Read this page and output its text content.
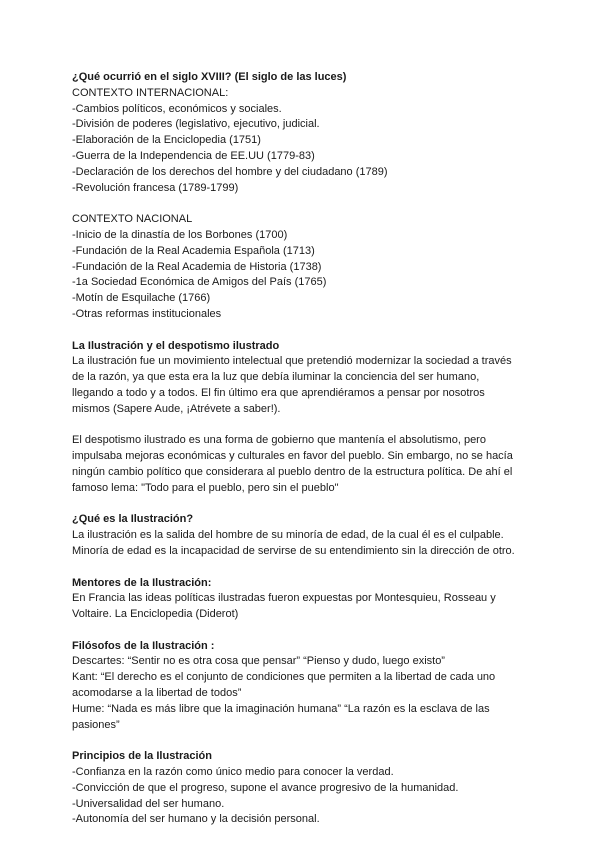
¿Qué ocurrió en el siglo XVIII? (El siglo de las luces)

CONTEXTO INTERNACIONAL:

-Cambios políticos, económicos y sociales.

-División de poderes (legislativo, ejecutivo, judicial.

-Elaboración de la Enciclopedia (1751)

-Guerra de la Independencia de EE.UU (1779-83)

-Declaración de los derechos del hombre y del ciudadano (1789)

-Revolución francesa (1789-1799)

CONTEXTO NACIONAL

-Inicio de la dinastía de los Borbones (1700)

-Fundación de la Real Academia Española (1713)

-Fundación de la Real Academia de Historia (1738)

-1a Sociedad Económica de Amigos del País (1765)

-Motín de Esquilache (1766)

-Otras reformas institucionales

La Ilustración y el despotismo ilustrado

La ilustración fue un movimiento intelectual que pretendió modernizar la sociedad a través

de la razón, ya que esta era la luz que debía iluminar la conciencia del ser humano,

llegando a todo y a todos. El fin último era que aprendiéramos a pensar por nosotros

mismos (Sapere Aude, ¡Atrévete a saber!).

El despotismo ilustrado es una forma de gobierno que mantenía el absolutismo, pero

impulsaba mejoras económicas y culturales en favor del pueblo. Sin embargo, no se hacía

ningún cambio político que considerara al pueblo dentro de la estructura política. De ahí el

famoso lema: "Todo para el pueblo, pero sin el pueblo"

¿Qué es la Ilustración?

La ilustración es la salida del hombre de su minoría de edad, de la cual él es el culpable.

Minoría de edad es la incapacidad de servirse de su entendimiento sin la dirección de otro.

Mentores de la Ilustración:

En Francia las ideas políticas ilustradas fueron expuestas por Montesquieu, Rosseau y

Voltaire. La Enciclopedia (Diderot)

Filósofos de la Ilustración :

Descartes: “Sentir no es otra cosa que pensar” “Pienso y dudo, luego existo”

Kant: “El derecho es el conjunto de condiciones que permiten a la libertad de cada uno

acomodarse a la libertad de todos”

Hume: “Nada es más libre que la imaginación humana” “La razón es la esclava de las

pasiones”

Principios de la Ilustración

-Confianza en la razón como único medio para conocer la verdad.

-Convicción de que el progreso, supone el avance progresivo de la humanidad.

-Universalidad del ser humano.

-Autonomía del ser humano y la decisión personal.
